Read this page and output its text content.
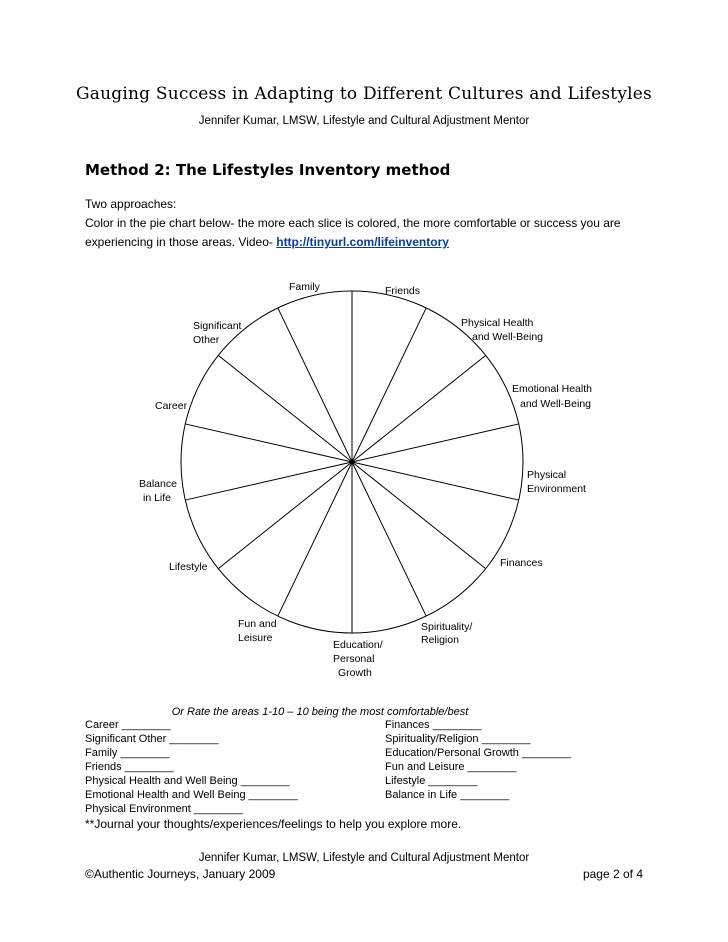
Gauging Success in Adapting to Different Cultures and Lifestyles
Jennifer Kumar, LMSW, Lifestyle and Cultural Adjustment Mentor
Method 2: The Lifestyles Inventory method
Two approaches:
Color in the pie chart below- the more each slice is colored, the more comfortable or success you are
experiencing in those areas. Video- http://tinyurl.com/lifeinventory
Family	Friends
Physical Health
and Well-Being
Emotional Health
and Well-Being
Physical
Environment
Finances
Spirituality/
Religion
Education/
Personal
Growth
Fun and
Leisure
Lifestyle
Balance
in Life
Career
Significant
Other
Or Rate the areas 1-10 – 10 being the most comfortable/best
Career ________
Significant Other ________
Family ________
Friends ________
Physical Health and Well Being ________
Emotional Health and Well Being ________
Physical Environment ________
Finances ________
Spirituality/Religion ________
Education/Personal Growth ________
Fun and Leisure ________
Lifestyle ________
Balance in Life ________
**Journal your thoughts/experiences/feelings to help you explore more.
Jennifer Kumar, LMSW, Lifestyle and Cultural Adjustment Mentor
©Authentic Journeys, January 2009	page 2 of 4
